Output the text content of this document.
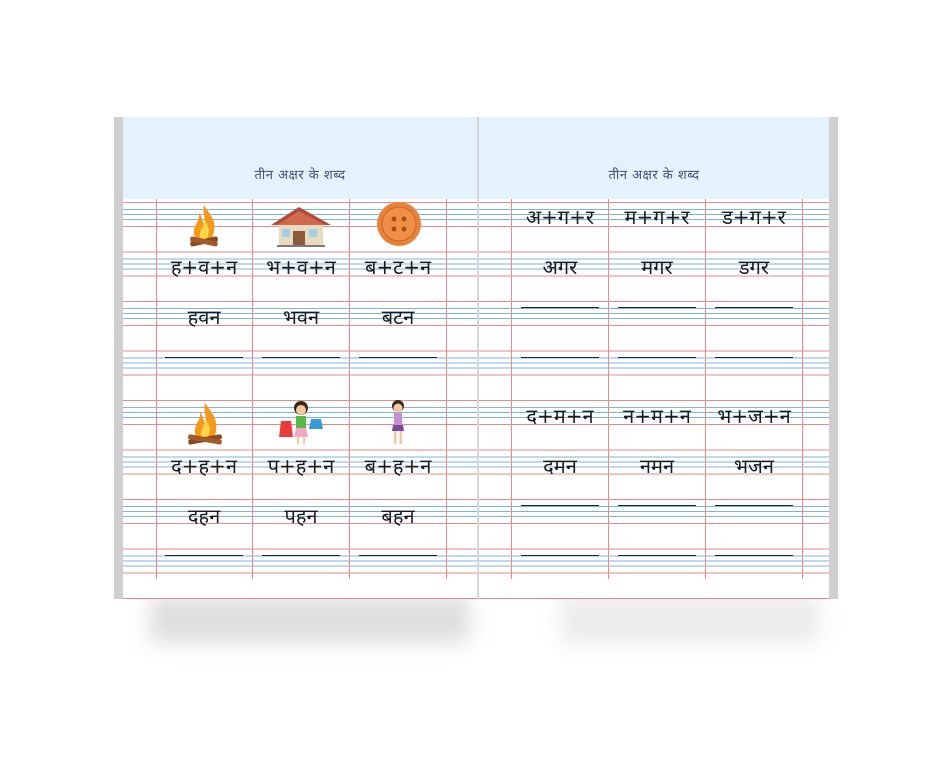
तीन अक्षर के शब्द
ह+व+न	भ+व+न	ब+ट+न
हवन	भवन	बटन
द+ह+न	प+ह+न	ब+ह+न
दहन	पहन	बहन
तीन अक्षर के शब्द
अ+ग+र	म+ग+र	ड+ग+र
अगर	मगर	डगर
द+म+न	न+म+न	भ+ज+न
दमन	नमन	भजन
